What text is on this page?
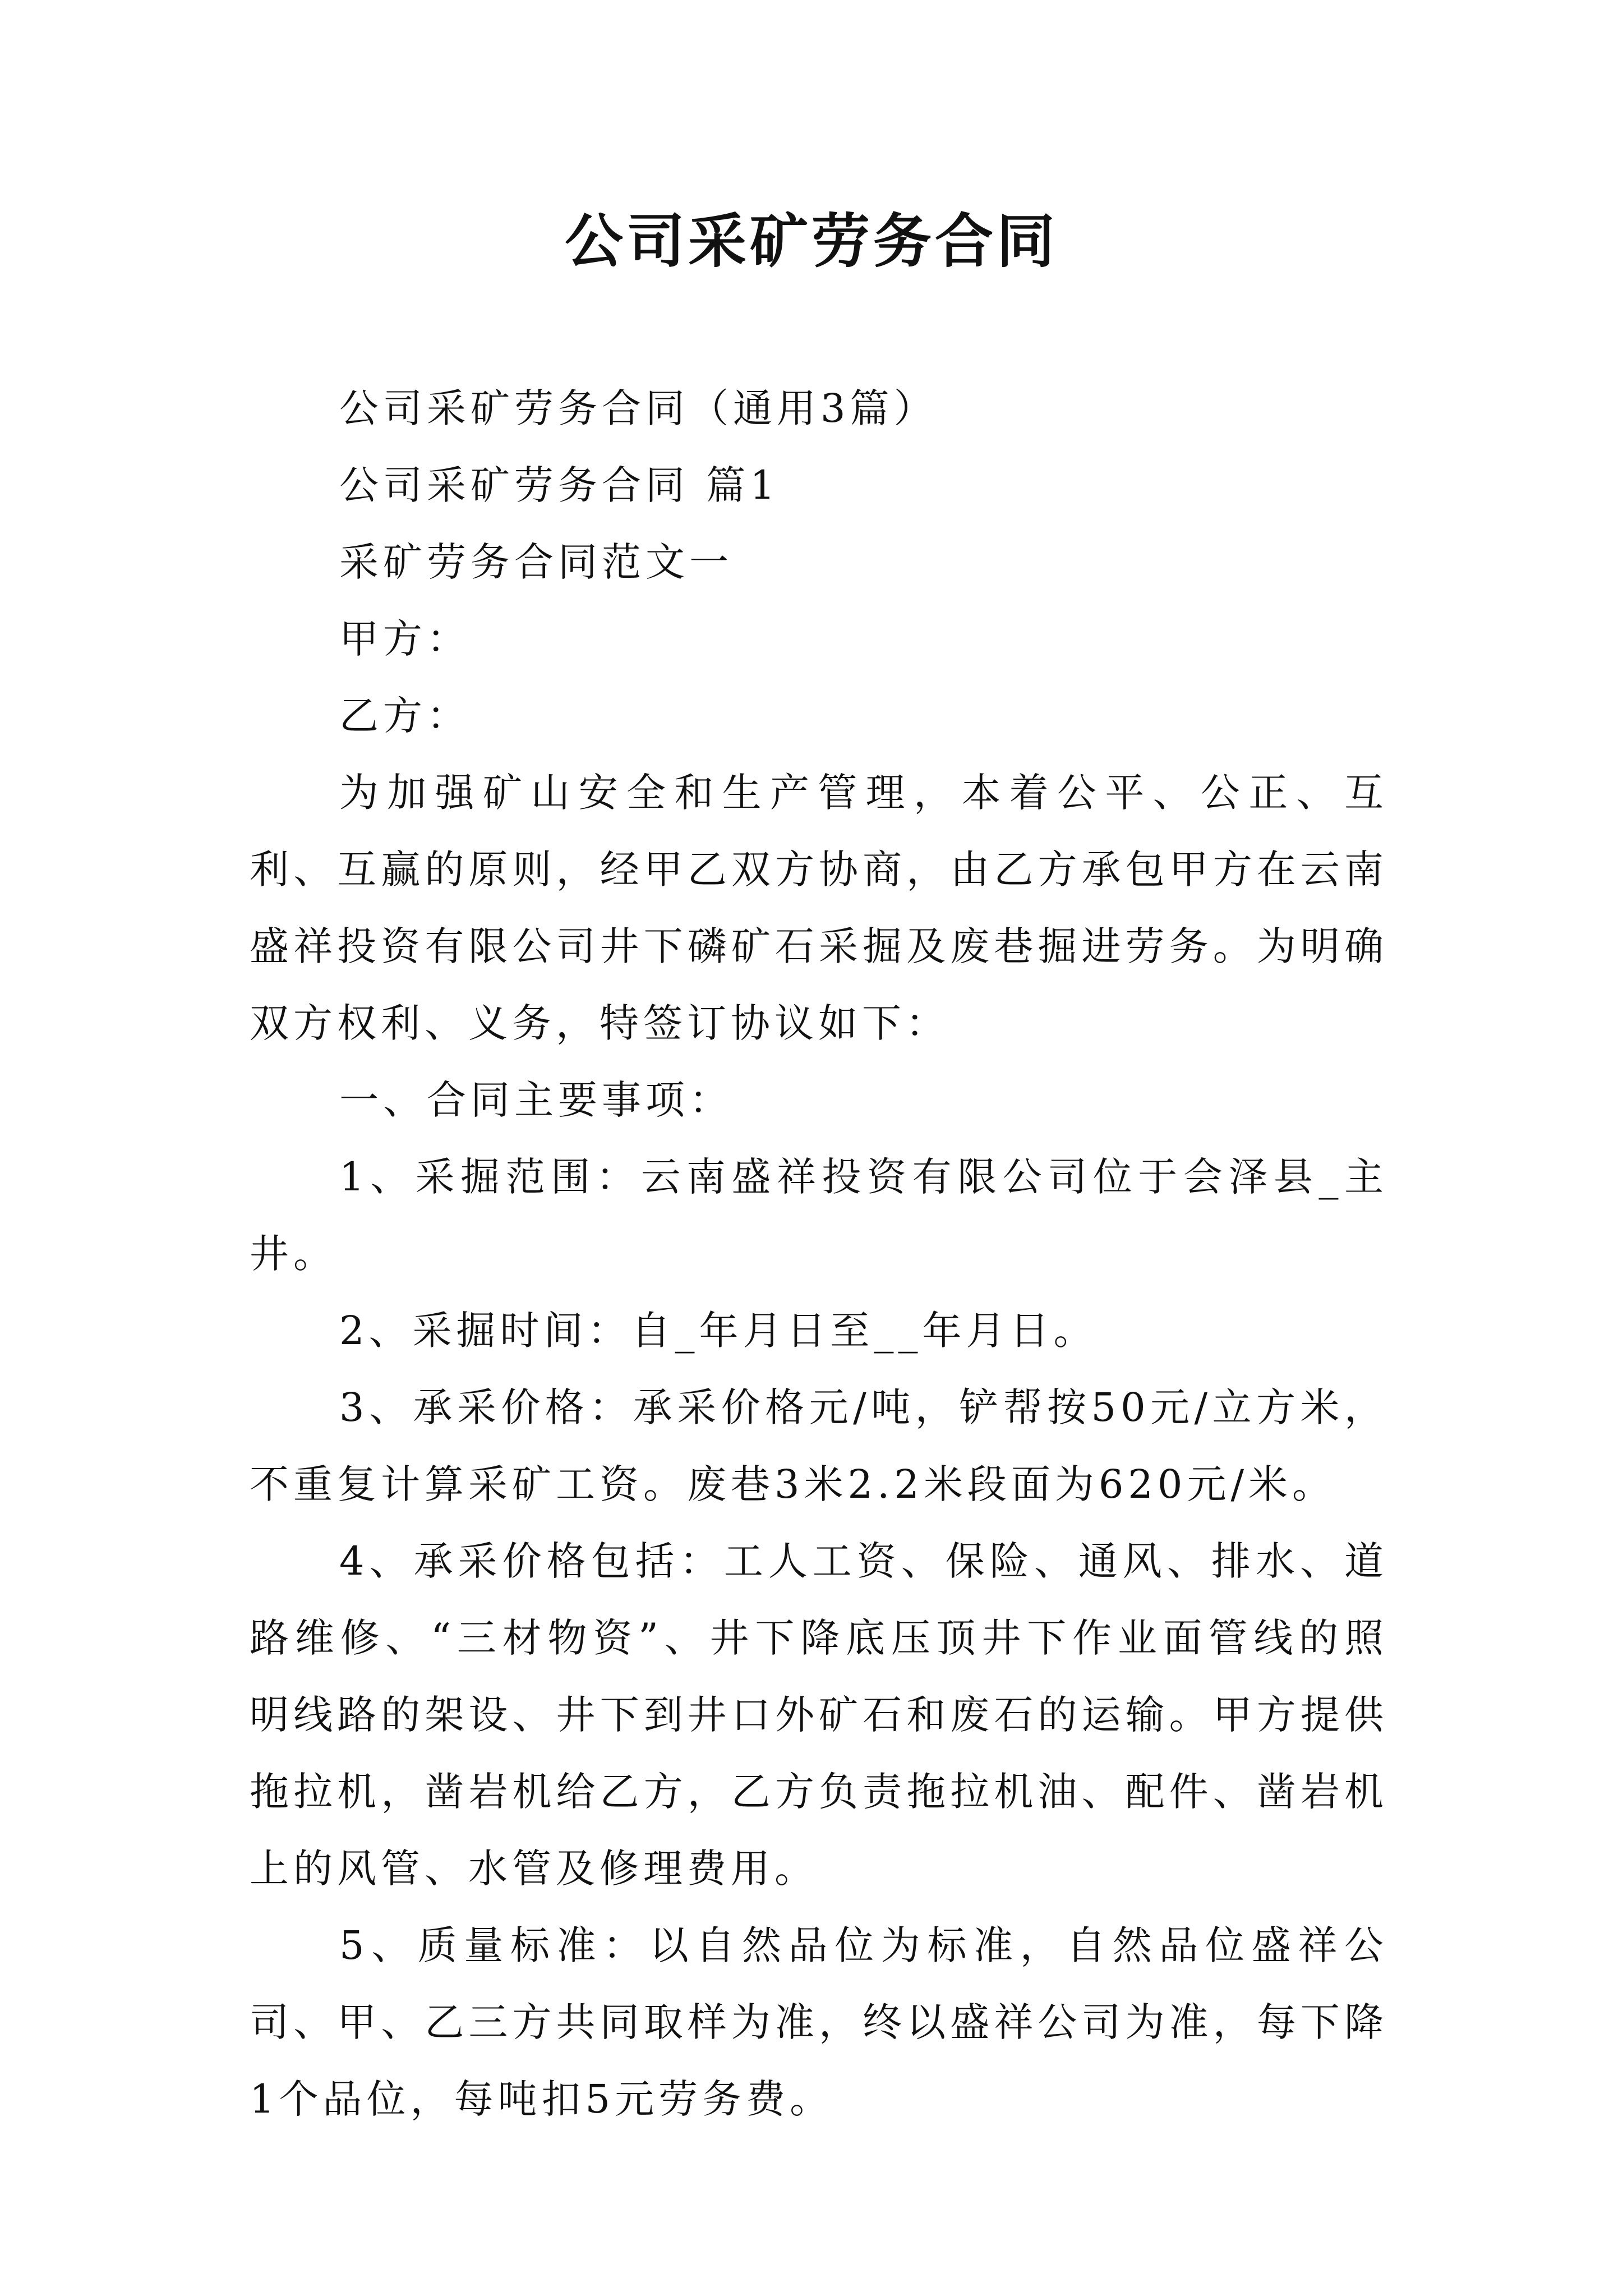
公司采矿劳务合同

公司采矿劳务合同（通用3篇）

公司采矿劳务合同 篇1

采矿劳务合同范文一

甲方：

乙方：

为加强矿山安全和生产管理，本着公平、公正、互利、互赢的原则，经甲乙双方协商，由乙方承包甲方在云南盛祥投资有限公司井下磷矿石采掘及废巷掘进劳务。为明确双方权利、义务，特签订协议如下：

一、合同主要事项：

1、采掘范围：云南盛祥投资有限公司位于会泽县_主井。

2、采掘时间：自_年月日至__年月日。

3、承采价格：承采价格元/吨，铲帮按50元/立方米，不重复计算采矿工资。废巷3米2.2米段面为620元/米。

4、承采价格包括：工人工资、保险、通风、排水、道路维修、“三材物资”、井下降底压顶井下作业面管线的照明线路的架设、井下到井口外矿石和废石的运输。甲方提供拖拉机，凿岩机给乙方，乙方负责拖拉机油、配件、凿岩机上的风管、水管及修理费用。

5、质量标准：以自然品位为标准，自然品位盛祥公司、甲、乙三方共同取样为准，终以盛祥公司为准，每下降1个品位，每吨扣5元劳务费。
